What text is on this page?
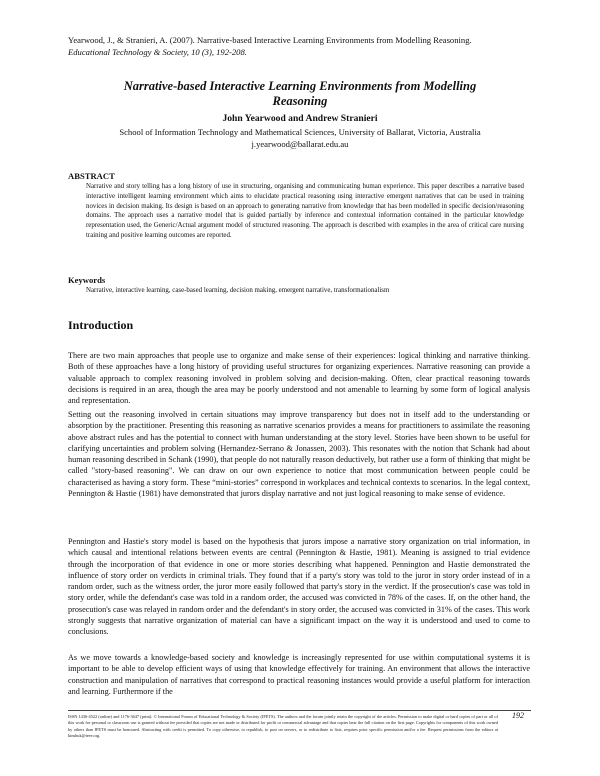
Yearwood, J., & Stranieri, A. (2007). Narrative-based Interactive Learning Environments from Modelling Reasoning.
Educational Technology & Society, 10 (3), 192-208.
Narrative-based Interactive Learning Environments from Modelling
Reasoning
John Yearwood and Andrew Stranieri
School of Information Technology and Mathematical Sciences, University of Ballarat, Victoria, Australia
j.yearwood@ballarat.edu.au
ABSTRACT
Narrative and story telling has a long history of use in structuring, organising and communicating human experience. This paper describes a narrative based interactive intelligent learning environment which aims to elucidate practical reasoning using interactive emergent narratives that can be used in training novices in decision making. Its design is based on an approach to generating narrative from knowledge that has been modelled in specific decision/reasoning domains. The approach uses a narrative model that is guided partially by inference and contextual information contained in the particular knowledge representation used, the Generic/Actual argument model of structured reasoning. The approach is described with examples in the area of critical care nursing training and positive learning outcomes are reported.
Keywords
Narrative, interactive learning, case-based learning, decision making, emergent narrative, transformationalism
Introduction

There are two main approaches that people use to organize and make sense of their experiences: logical thinking and narrative thinking. Both of these approaches have a long history of providing useful structures for organizing experiences. Narrative reasoning can provide a valuable approach to complex reasoning involved in problem solving and decision-making. Often, clear practical reasoning towards decisions is required in an area, though the area may be poorly understood and not amenable to learning by some form of logical analysis and representation.

Setting out the reasoning involved in certain situations may improve transparency but does not in itself add to the understanding or absorption by the practitioner. Presenting this reasoning as narrative scenarios provides a means for practitioners to assimilate the reasoning above abstract rules and has the potential to connect with human understanding at the story level. Stories have been shown to be useful for clarifying uncertainties and problem solving (Hernandez-Serrano & Jonassen, 2003). This resonates with the notion that Schank had about human reasoning described in Schank (1990), that people do not naturally reason deductively, but rather use a form of thinking that might be called "story-based reasoning". We can draw on our own experience to notice that most communication between people could be characterised as having a story form. These “mini-stories” correspond in workplaces and technical contexts to scenarios. In the legal context, Pennington & Hastie (1981) have demonstrated that jurors display narrative and not just logical reasoning to make sense of evidence.

Pennington and Hastie's story model is based on the hypothesis that jurors impose a narrative story organization on trial information, in which causal and intentional relations between events are central (Pennington & Hastie, 1981). Meaning is assigned to trial evidence through the incorporation of that evidence in one or more stories describing what happened. Pennington and Hastie demonstrated the influence of story order on verdicts in criminal trials. They found that if a party's story was told to the juror in story order instead of in a random order, such as the witness order, the juror more easily followed that party's story in the verdict. If the prosecution's case was told in story order, while the defendant's case was told in a random order, the accused was convicted in 78% of the cases. If, on the other hand, the prosecution's case was relayed in random order and the defendant's in story order, the accused was convicted in 31% of the cases. This work strongly suggests that narrative organization of material can have a significant impact on the way it is understood and used to come to conclusions.

As we move towards a knowledge-based society and knowledge is increasingly represented for use within computational systems it is important to be able to develop efficient ways of using that knowledge effectively for training. An environment that allows the interactive construction and manipulation of narratives that correspond to practical reasoning instances would provide a useful platform for interaction and learning. Furthermore if the

ISSN 1436-4522 (online) and 1176-3647 (print). © International Forum of Educational Technology & Society (IFETS). The authors and the forum jointly retain the copyright of the articles. Permission to make digital or hard copies of part or all of this work for personal or classroom use is granted without fee provided that copies are not made or distributed for profit or commercial advantage and that copies bear the full citation on the first page. Copyrights for components of this work owned by others than IFETS must be honoured. Abstracting with credit is permitted. To copy otherwise, to republish, to post on servers, or to redistribute to lists, requires prior specific permission and/or a fee. Request permissions from the editors at kinshuk@ieee.org.
192
